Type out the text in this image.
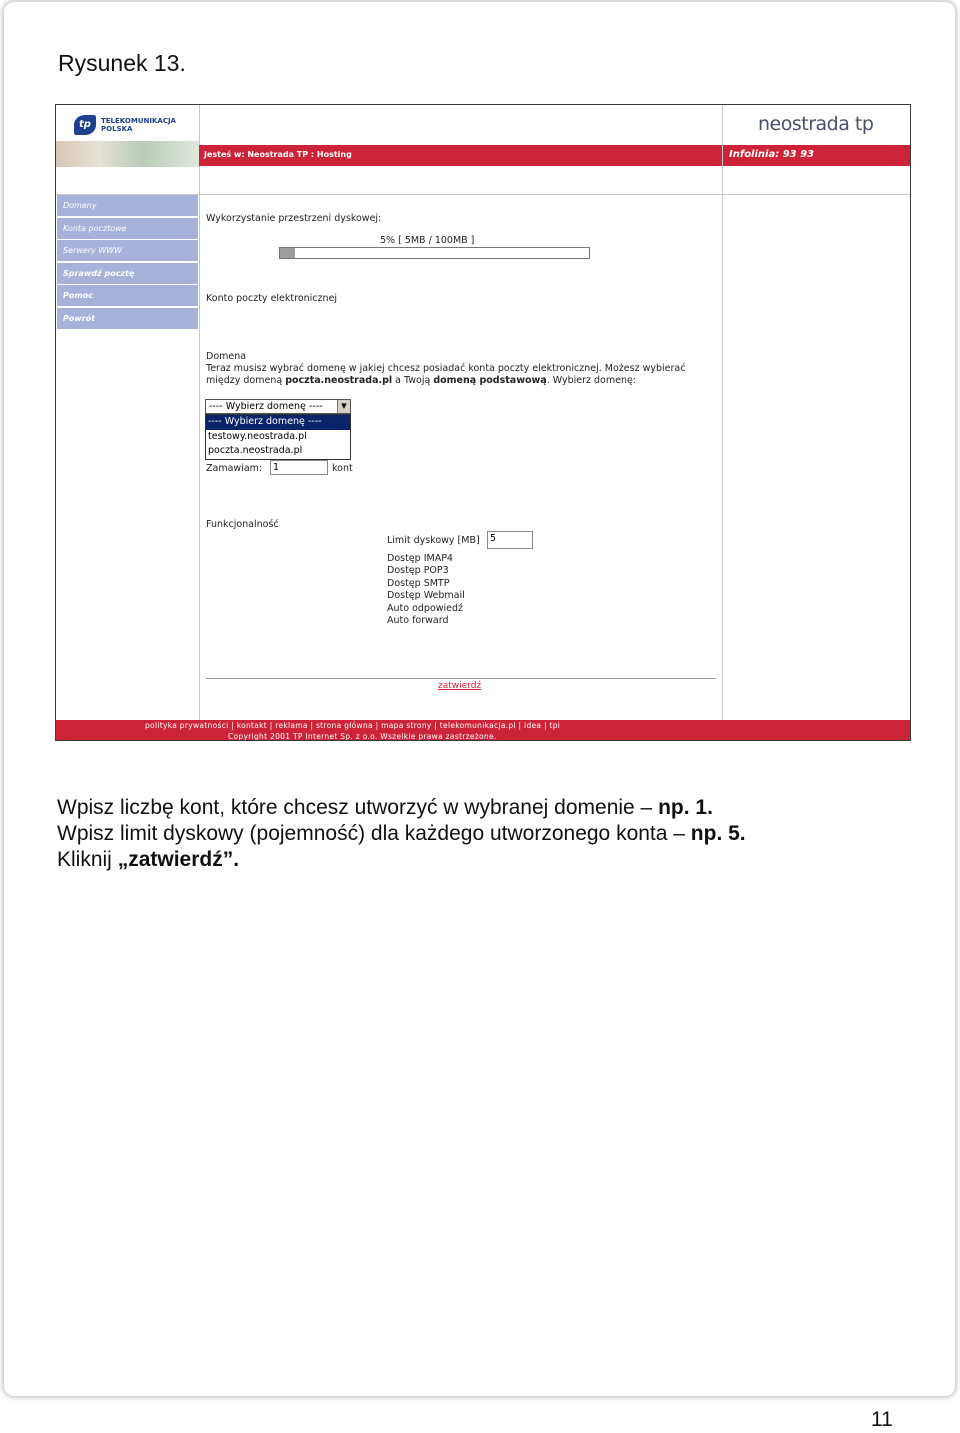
Rysunek 13.
tp	TELEKOMUNIKACJA POLSKA	neostrada tp
Jesteś w: Neostrada TP : Hosting	Infolinia: 93 93
Domeny
Konta pocztowe
Serwery WWW
Sprawdź pocztę
Pomoc
Powrót
Wykorzystanie przestrzeni dyskowej:
5% [ 5MB / 100MB ]
Konto poczty elektronicznej
Domena
Teraz musisz wybrać domenę w jakiej chcesz posiadać konta poczty elektronicznej. Możesz wybierać między domeną poczta.neostrada.pl a Twoją domeną podstawową. Wybierz domenę:
---- Wybierz domenę ----	▼
---- Wybierz domenę ----
testowy.neostrada.pl
poczta.neostrada.pl
Zamawiam:	1	kont
Funkcjonalność
Limit dyskowy [MB]	5
Dostęp IMAP4
Dostęp POP3
Dostęp SMTP
Dostęp Webmail
Auto odpowiedź
Auto forward
zatwierdź
polityka prywatności | kontakt | reklama | strona główna | mapa strony | telekomunikacja.pl | idea | tpi
Copyright 2001 TP Internet Sp. z o.o. Wszelkie prawa zastrzeżone.
Wpisz liczbę kont, które chcesz utworzyć w wybranej domenie – np. 1.
Wpisz limit dyskowy (pojemność) dla każdego utworzonego konta – np. 5.
Kliknij „zatwierdź”.
11
